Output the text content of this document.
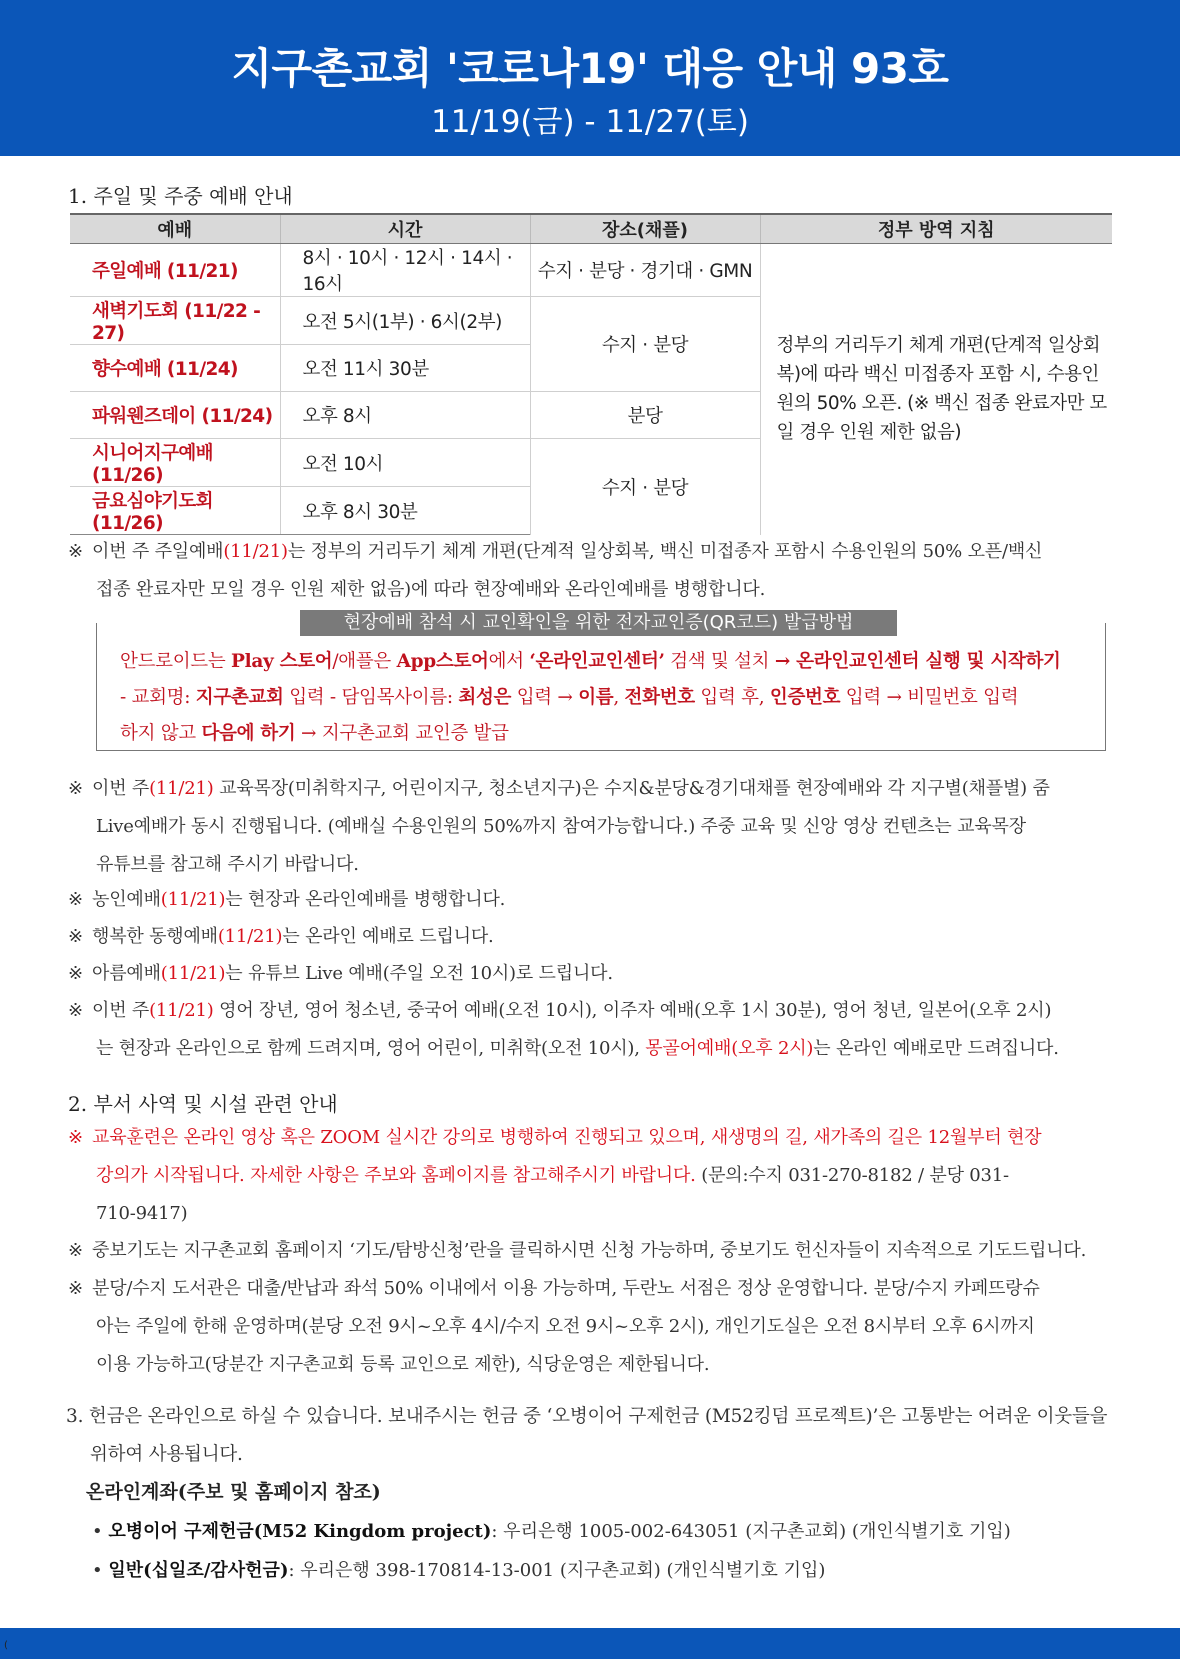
지구촌교회 '코로나19' 대응 안내 93호
11/19(금) - 11/27(토)
1. 주일 및 주중 예배 안내
예배	시간	장소(채플)	정부 방역 지침
주일예배 (11/21)	8시 · 10시 · 12시 · 14시 · 16시	수지 · 분당 · 경기대 · GMN	정부의 거리두기 체계 개편(단계적 일상회복)에 따라 백신 미접종자 포함 시, 수용인원의 50% 오픈. (※ 백신 접종 완료자만 모일 경우 인원 제한 없음)
새벽기도회 (11/22 - 27)	오전 5시(1부) · 6시(2부)	수지 · 분당	
향수예배 (11/24)	오전 11시 30분		
파워웬즈데이 (11/24)	오후 8시	분당	
시니어지구예배 (11/26)	오전 10시	수지 · 분당	
금요심야기도회 (11/26)	오후 8시 30분		
※ 이번 주 주일예배(11/21)는 정부의 거리두기 체계 개편(단계적 일상회복, 백신 미접종자 포함시 수용인원의 50% 오픈/백신
접종 완료자만 모일 경우 인원 제한 없음)에 따라 현장예배와 온라인예배를 병행합니다.
현장예배 참석 시 교인확인을 위한 전자교인증(QR코드) 발급방법
안드로이드는 Play 스토어/애플은 App스토어에서 ‘온라인교인센터’ 검색 및 설치 → 온라인교인센터 실행 및 시작하기
- 교회명: 지구촌교회 입력 - 담임목사이름: 최성은 입력 → 이름, 전화번호 입력 후, 인증번호 입력 → 비밀번호 입력
하지 않고 다음에 하기 → 지구촌교회 교인증 발급
※ 이번 주(11/21) 교육목장(미취학지구, 어린이지구, 청소년지구)은 수지&분당&경기대채플 현장예배와 각 지구별(채플별) 줌
Live예배가 동시 진행됩니다. (예배실 수용인원의 50%까지 참여가능합니다.) 주중 교육 및 신앙 영상 컨텐츠는 교육목장
유튜브를 참고해 주시기 바랍니다.
※ 농인예배(11/21)는 현장과 온라인예배를 병행합니다.
※ 행복한 동행예배(11/21)는 온라인 예배로 드립니다.
※ 아름예배(11/21)는 유튜브 Live 예배(주일 오전 10시)로 드립니다.
※ 이번 주(11/21) 영어 장년, 영어 청소년, 중국어 예배(오전 10시), 이주자 예배(오후 1시 30분), 영어 청년, 일본어(오후 2시)
는 현장과 온라인으로 함께 드려지며, 영어 어린이, 미취학(오전 10시), 몽골어예배(오후 2시)는 온라인 예배로만 드려집니다.
2. 부서 사역 및 시설 관련 안내
※ 교육훈련은 온라인 영상 혹은 ZOOM 실시간 강의로 병행하여 진행되고 있으며, 새생명의 길, 새가족의 길은 12월부터 현장
강의가 시작됩니다. 자세한 사항은 주보와 홈페이지를 참고해주시기 바랍니다. (문의:수지 031-270-8182 / 분당 031-
710-9417)
※ 중보기도는 지구촌교회 홈페이지 ‘기도/탐방신청’란을 클릭하시면 신청 가능하며, 중보기도 헌신자들이 지속적으로 기도드립니다.
※ 분당/수지 도서관은 대출/반납과 좌석 50% 이내에서 이용 가능하며, 두란노 서점은 정상 운영합니다. 분당/수지 카페뜨랑슈
아는 주일에 한해 운영하며(분당 오전 9시~오후 4시/수지 오전 9시~오후 2시), 개인기도실은 오전 8시부터 오후 6시까지
이용 가능하고(당분간 지구촌교회 등록 교인으로 제한), 식당운영은 제한됩니다.
3. 헌금은 온라인으로 하실 수 있습니다. 보내주시는 헌금 중 ‘오병이어 구제헌금 (M52킹덤 프로젝트)’은 고통받는 어려운 이웃들을
위하여 사용됩니다.
온라인계좌(주보 및 홈페이지 참조)
• 오병이어 구제헌금(M52 Kingdom project): 우리은행 1005-002-643051 (지구촌교회) (개인식별기호 기입)
• 일반(십일조/감사헌금): 우리은행 398-170814-13-001 (지구촌교회) (개인식별기호 기입)
(
